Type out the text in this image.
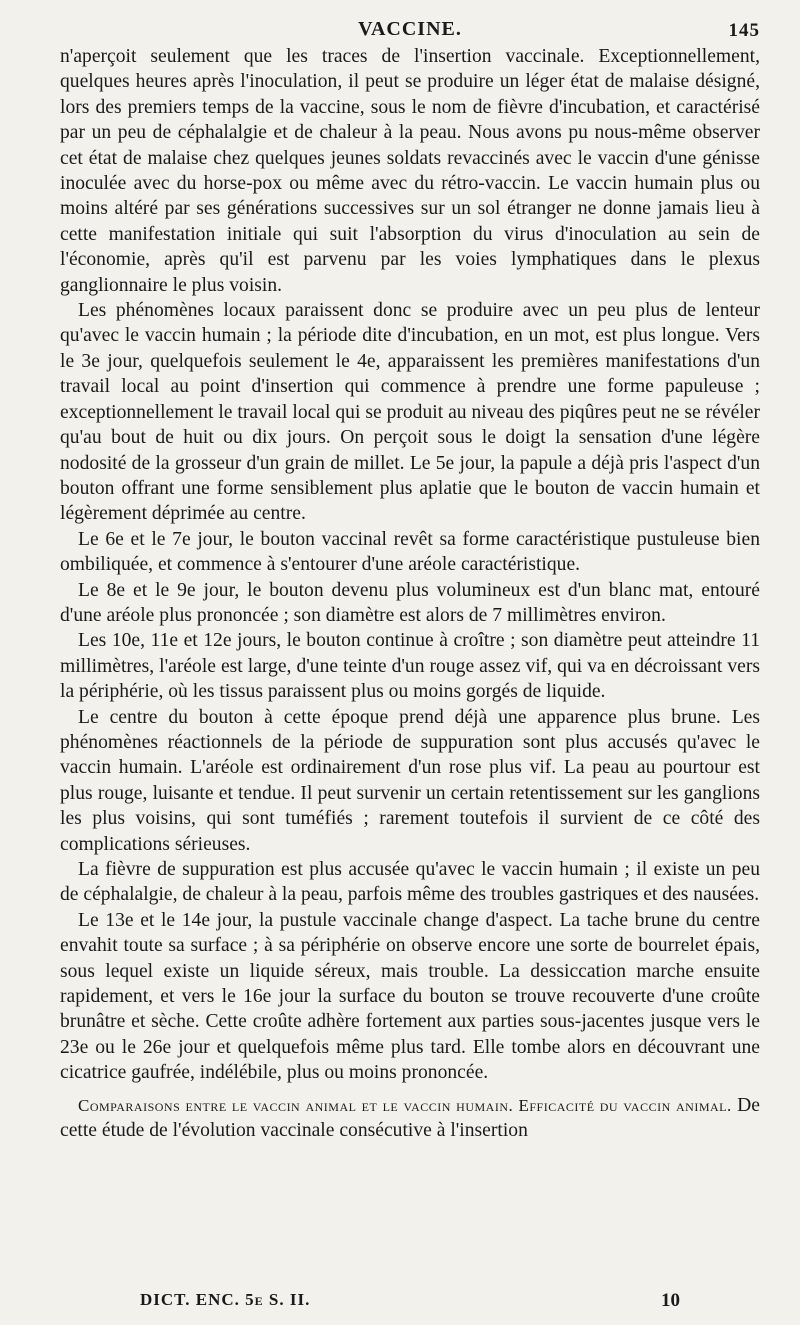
VACCINE.	145

n'aperçoit seulement que les traces de l'insertion vaccinale. Exceptionnellement, quelques heures après l'inoculation, il peut se produire un léger état de malaise désigné, lors des premiers temps de la vaccine, sous le nom de fièvre d'incubation, et caractérisé par un peu de céphalalgie et de chaleur à la peau. Nous avons pu nous-même observer cet état de malaise chez quelques jeunes soldats revaccinés avec le vaccin d'une génisse inoculée avec du horse-pox ou même avec du rétro-vaccin. Le vaccin humain plus ou moins altéré par ses générations successives sur un sol étranger ne donne jamais lieu à cette manifestation initiale qui suit l'absorption du virus d'inoculation au sein de l'économie, après qu'il est parvenu par les voies lymphatiques dans le plexus ganglionnaire le plus voisin.

Les phénomènes locaux paraissent donc se produire avec un peu plus de lenteur qu'avec le vaccin humain ; la période dite d'incubation, en un mot, est plus longue. Vers le 3e jour, quelquefois seulement le 4e, apparaissent les premières manifestations d'un travail local au point d'insertion qui commence à prendre une forme papuleuse ; exceptionnellement le travail local qui se produit au niveau des piqûres peut ne se révéler qu'au bout de huit ou dix jours. On perçoit sous le doigt la sensation d'une légère nodosité de la grosseur d'un grain de millet. Le 5e jour, la papule a déjà pris l'aspect d'un bouton offrant une forme sensiblement plus aplatie que le bouton de vaccin humain et légèrement déprimée au centre.

Le 6e et le 7e jour, le bouton vaccinal revêt sa forme caractéristique pustuleuse bien ombiliquée, et commence à s'entourer d'une aréole caractéristique.

Le 8e et le 9e jour, le bouton devenu plus volumineux est d'un blanc mat, entouré d'une aréole plus prononcée ; son diamètre est alors de 7 millimètres environ.

Les 10e, 11e et 12e jours, le bouton continue à croître ; son diamètre peut atteindre 11 millimètres, l'aréole est large, d'une teinte d'un rouge assez vif, qui va en décroissant vers la périphérie, où les tissus paraissent plus ou moins gorgés de liquide.

Le centre du bouton à cette époque prend déjà une apparence plus brune. Les phénomènes réactionnels de la période de suppuration sont plus accusés qu'avec le vaccin humain. L'aréole est ordinairement d'un rose plus vif. La peau au pourtour est plus rouge, luisante et tendue. Il peut survenir un certain retentissement sur les ganglions les plus voisins, qui sont tuméfiés ; rarement toutefois il survient de ce côté des complications sérieuses.

La fièvre de suppuration est plus accusée qu'avec le vaccin humain ; il existe un peu de céphalalgie, de chaleur à la peau, parfois même des troubles gastriques et des nausées.

Le 13e et le 14e jour, la pustule vaccinale change d'aspect. La tache brune du centre envahit toute sa surface ; à sa périphérie on observe encore une sorte de bourrelet épais, sous lequel existe un liquide séreux, mais trouble. La dessiccation marche ensuite rapidement, et vers le 16e jour la surface du bouton se trouve recouverte d'une croûte brunâtre et sèche. Cette croûte adhère fortement aux parties sous-jacentes jusque vers le 23e ou le 26e jour et quelquefois même plus tard. Elle tombe alors en découvrant une cicatrice gaufrée, indélébile, plus ou moins prononcée.

Comparaisons entre le vaccin animal et le vaccin humain. Efficacité du vaccin animal. De cette étude de l'évolution vaccinale consécutive à l'insertion

DICT. ENC. 5e S. II.	10
